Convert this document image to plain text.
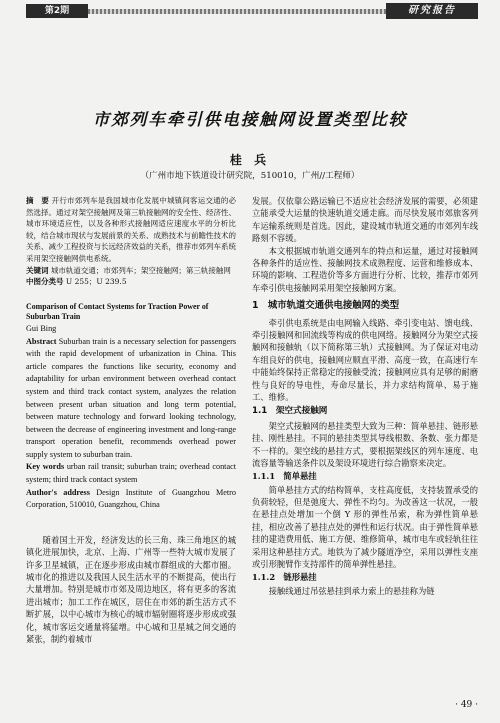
第2期	研究报告
市郊列车牵引供电接触网设置类型比较
桂 兵
（广州市地下铁道设计研究院，510010，广州//工程师）
摘　要 开行市郊列车是我国城市化发展中城镇间客运交通的必然选择。通过对架空接触网及第三轨接触网的安全性、经济性、城市环境适应性，以及各种形式接触网适应速度水平的分析比较，结合城市现状与发展前景的关系、成熟技术与前瞻性技术的关系、减少工程投资与长远经济效益的关系，推荐市郊列车系统采用架空接触网供电系统。
关键词 城市轨道交通；市郊列车；架空接触网；第三轨接触网
中图分类号 U 255；U 239.5
Comparison of Contact Systems for Traction Power of Suburban Train
Gui Bing
Abstract Suburban train is a necessary selection for passengers with the rapid development of urbanization in China. This article compares the functions like security, economy and adaptability for urban environment between overhead contact system and third track contact system, analyzes the relation between present urban situation and long term potential, between mature technology and forward looking technology, between the decrease of engineering investment and long-range transport operation benefit, recommends overhead power supply system to suburban train.
Key words urban rail transit; suburban train; overhead contact system; third track contact system
Author's address Design Institute of Guangzhou Metro Corporation, 510010, Guangzhou, China

随着国土开发，经济发达的长三角、珠三角地区的城镇化进展加快，北京、上海、广州等一些特大城市发展了许多卫星城镇，正在逐步形成由城市群组成的大都市圈。城市化的推进以及我国人民生活水平的不断提高，使出行大量增加。特别是城市市郊及周边地区，将有更多的客流进出城市；加工工作在城区，居住在市郊的新生活方式不断扩展，以中心城市为核心的城市辐射圈将逐步形成或强化，城市客运交通量将猛增。中心城和卫星城之间交通的紧张，制约着城市

发展。仅依靠公路运输已不适应社会经济发展的需要，必须建立能承受大运量的快速轨道交通走廊。而尽快发展市郊旅客列车运输系统则是首选。因此，建设城市轨道交通的市郊列车线路刻不容缓。

本文根据城市轨道交通列车的特点和运量，通过对接触网各种条件的适应性、接触网技术成熟程度、运营和维修成本、环境的影响、工程造价等多方面进行分析、比较，推荐市郊列车牵引供电接触网采用架空接触网方案。

1　城市轨道交通供电接触网的类型

牵引供电系统是由电网输入线路、牵引变电站、馈电线、牵引接触网和回流线等构成的供电网络。接触网分为架空式接触网和接触轨（以下简称第三轨）式接触网。为了保证对电动车组良好的供电，接触网应顺直平滑、高度一致，在高速行车中能始终保持正常稳定的接触受流；接触网应具有足够的耐磨性与良好的导电性，寿命尽量长，并力求结构简单、易于施工、维修。

1.1　架空式接触网

架空式接触网的悬挂类型大致为三种：简单悬挂、链形悬挂、刚性悬挂。不同的悬挂类型其导线根数、条数、张力都是不一样的。架空线的悬挂方式，要根据架线区的列车速度、电流容量等输送条件以及架设环境进行综合勘察来决定。

1.1.1　简单悬挂

简单悬挂方式的结构简单，支柱高度低，支持装置承受的负荷较轻，但是弛度大、弹性不均匀。为改善这一状况，一般在悬挂点处增加一个倒 Y 形的弹性吊索，称为弹性简单悬挂，相应改善了悬挂点处的弹性和运行状况。由于弹性简单悬挂的建造费用低、施工方便、维修简单，城市电车或轻轨往往采用这种悬挂方式。地铁为了减少隧道净空，采用以弹性支座或引形腕臂作支持部件的简单弹性悬挂。

1.1.2　链形悬挂

接触线通过吊弦悬挂到承力索上的悬挂称为链

· 49 ·
